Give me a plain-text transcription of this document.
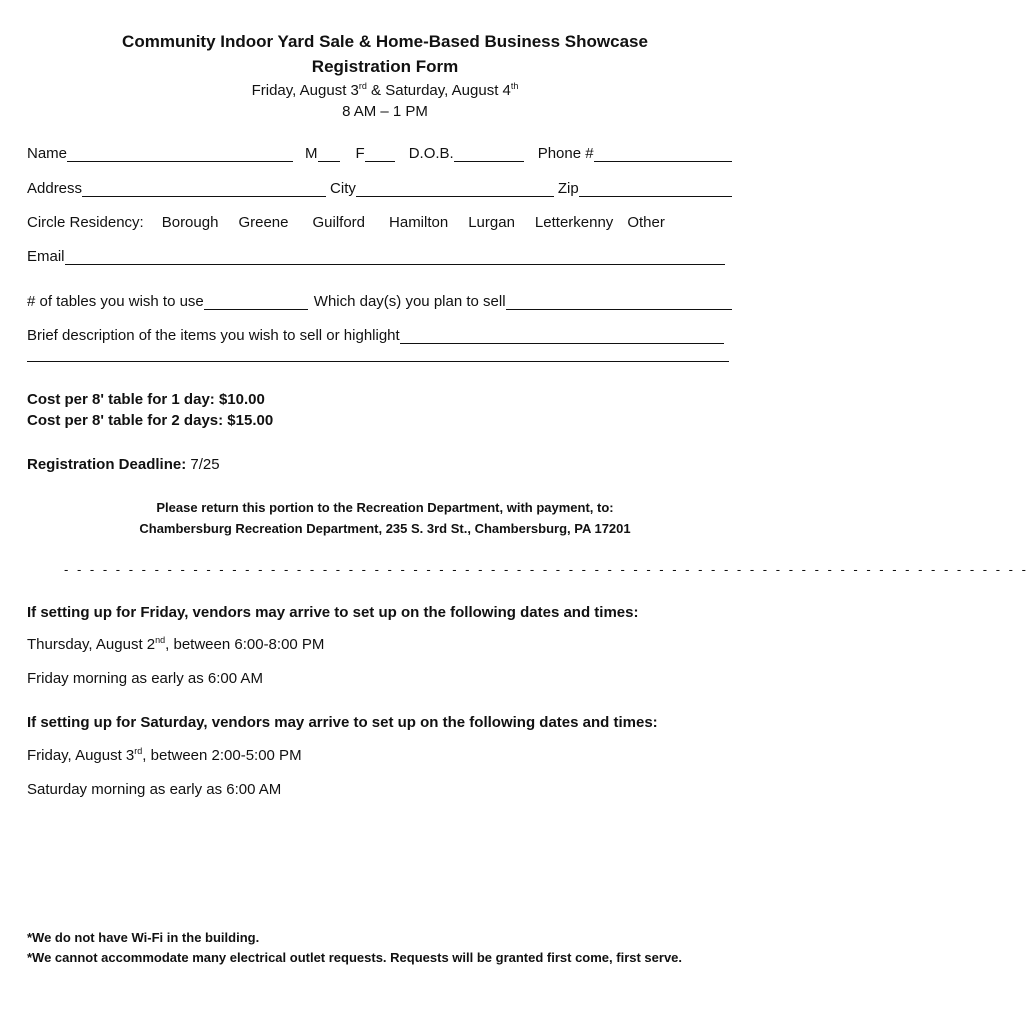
Community Indoor Yard Sale & Home-Based Business Showcase
Registration Form
Friday, August 3rd & Saturday, August 4th
8 AM – 1 PM
Name	M	F	D.O.B.	Phone #
Address	City	Zip
Circle Residency: Borough Greene Guilford Hamilton Lurgan Letterkenny Other
Email
# of tables you wish to use	Which day(s) you plan to sell
Brief description of the items you wish to sell or highlight
Cost per 8' table for 1 day: $10.00
Cost per 8' table for 2 days: $15.00
Registration Deadline: 7/25
Please return this portion to the Recreation Department, with payment, to:
Chambersburg Recreation Department, 235 S. 3rd St., Chambersburg, PA 17201
- - - - - - - - - - - - - - - - - - - - - - - - - - - - - - - - - - - - - - - - - - - - - - - - - - - - - - - - - - - - - - - - - - - - - - - - - - -
If setting up for Friday, vendors may arrive to set up on the following dates and times:
Thursday, August 2nd, between 6:00-8:00 PM
Friday morning as early as 6:00 AM
If setting up for Saturday, vendors may arrive to set up on the following dates and times:
Friday, August 3rd, between 2:00-5:00 PM
Saturday morning as early as 6:00 AM
*We do not have Wi-Fi in the building.
*We cannot accommodate many electrical outlet requests. Requests will be granted first come, first serve.
